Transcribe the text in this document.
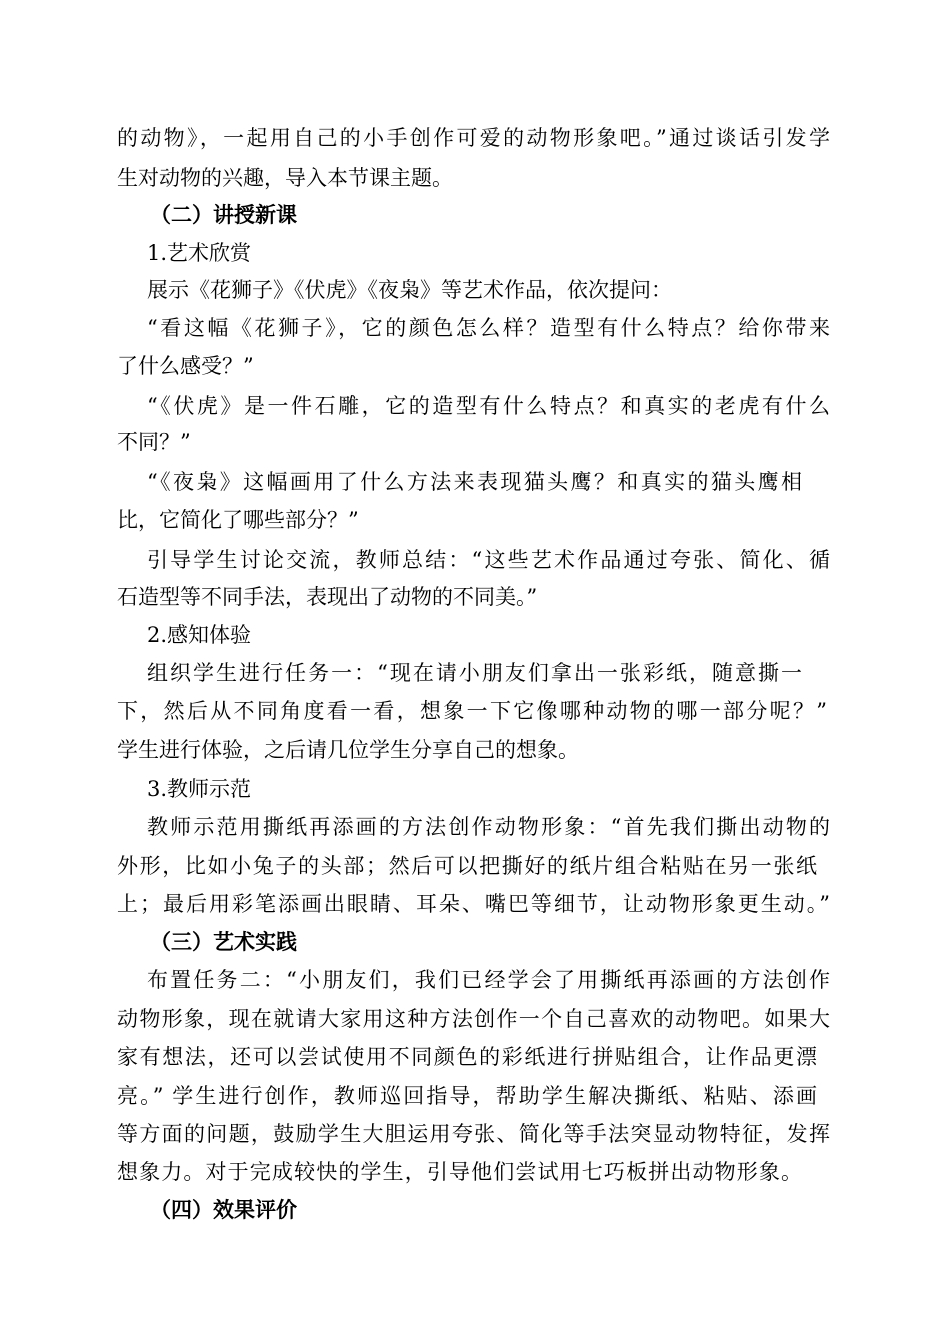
的动物》，一起用自己的小手创作可爱的动物形象吧。”通过谈话引发学
生对动物的兴趣，导入本节课主题。
（二）讲授新课
1.艺术欣赏
展示《花狮子》《伏虎》《夜枭》等艺术作品，依次提问：
“看这幅《花狮子》，它的颜色怎么样？造型有什么特点？给你带来
了什么感受？”
“《伏虎》是一件石雕，它的造型有什么特点？和真实的老虎有什么
不同？”
“《夜枭》这幅画用了什么方法来表现猫头鹰？和真实的猫头鹰相
比，它简化了哪些部分？”
引导学生讨论交流，教师总结：“这些艺术作品通过夸张、简化、循
石造型等不同手法，表现出了动物的不同美。”
2.感知体验
组织学生进行任务一：“现在请小朋友们拿出一张彩纸，随意撕一
下，然后从不同角度看一看，想象一下它像哪种动物的哪一部分呢？”
学生进行体验，之后请几位学生分享自己的想象。
3.教师示范
教师示范用撕纸再添画的方法创作动物形象：“首先我们撕出动物的
外形，比如小兔子的头部；然后可以把撕好的纸片组合粘贴在另一张纸
上；最后用彩笔添画出眼睛、耳朵、嘴巴等细节，让动物形象更生动。”
（三）艺术实践
布置任务二：“小朋友们，我们已经学会了用撕纸再添画的方法创作
动物形象，现在就请大家用这种方法创作一个自己喜欢的动物吧。如果大
家有想法，还可以尝试使用不同颜色的彩纸进行拼贴组合，让作品更漂
亮。” 学生进行创作，教师巡回指导，帮助学生解决撕纸、粘贴、添画
等方面的问题，鼓励学生大胆运用夸张、简化等手法突显动物特征，发挥
想象力。对于完成较快的学生，引导他们尝试用七巧板拼出动物形象。
（四）效果评价
